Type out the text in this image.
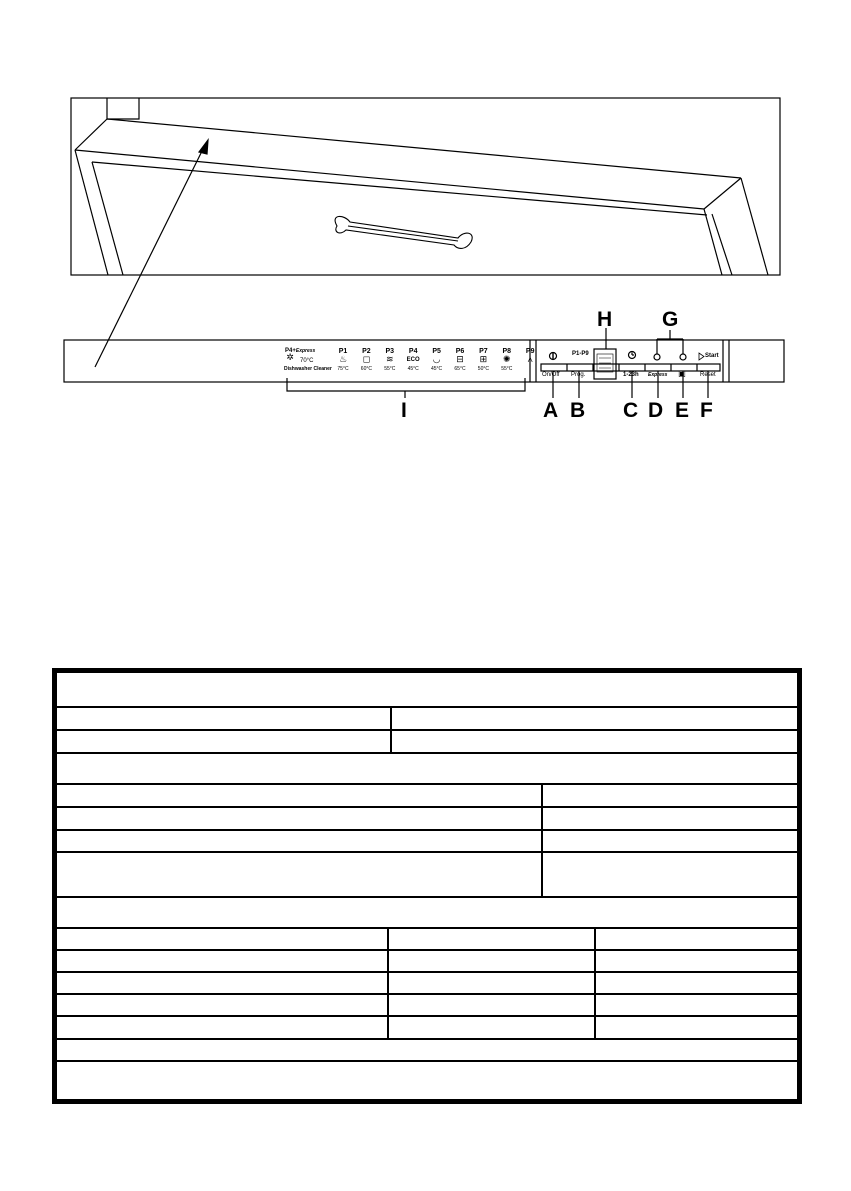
H G
I	A B C D E F
P4+Express
✲	70°C
Dishwasher Cleaner
P1
♨
75°C
P2
◻
60°C
P3
≋
55°C
P4
ECO
45°C
P5
◡
45°C
P6
⊟
65°C
P7
⊞
50°C
P8
✺
55°C
P9
⩚
P1-P9
On/Off Prog.	1-23h Express	▣
Start
Reset
